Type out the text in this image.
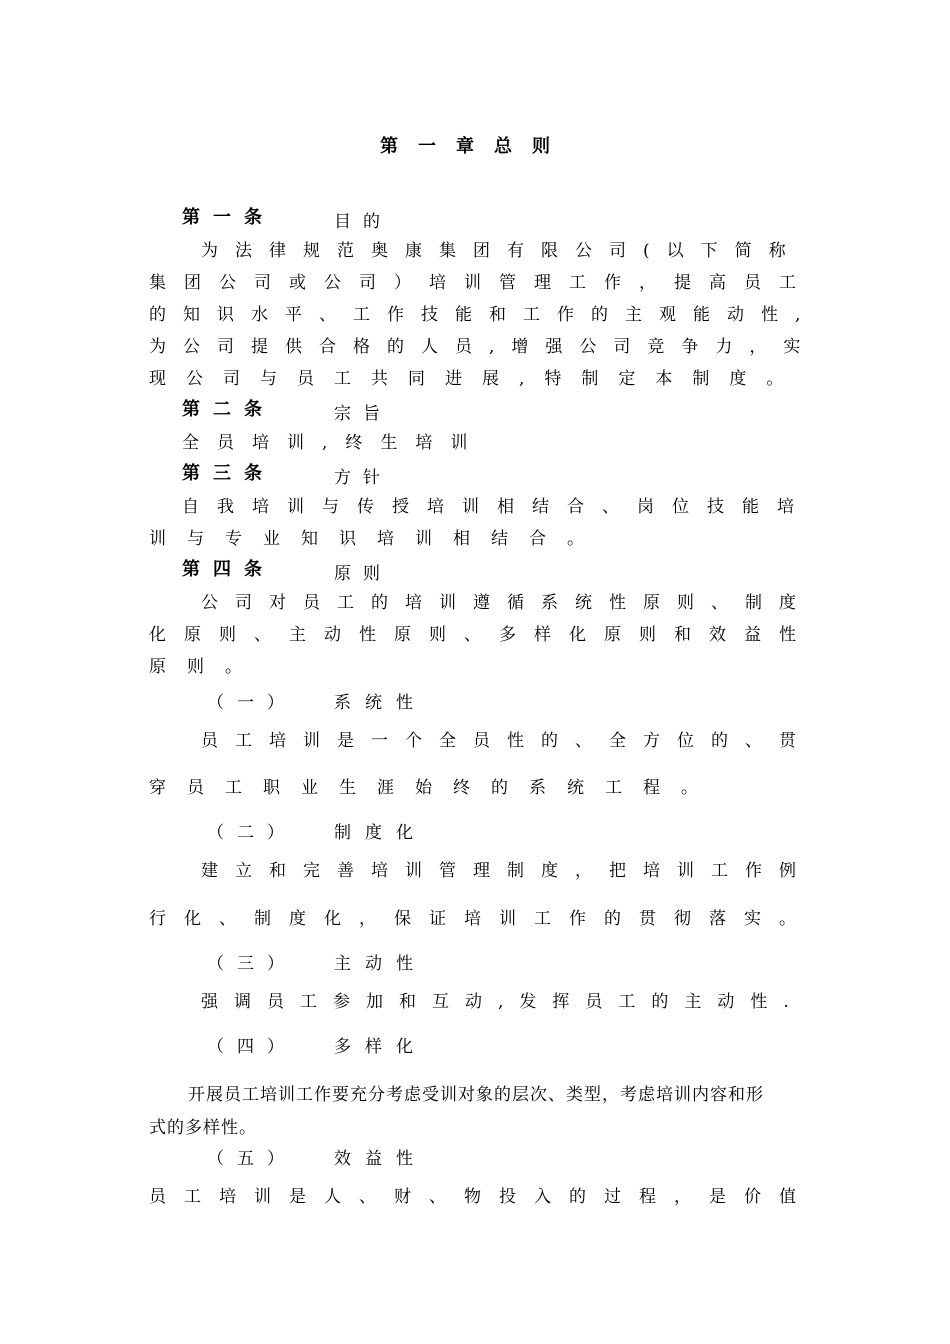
第一章总则
第一条	目的
为法律规范奥康集团有限公司(以下简称
集团公司或公司）培训管理工作，提高员工
的知识水平、工作技能和工作的主观能动性,
为公司提供合格的人员,增强公司竞争力，实
现公司与员工共同进展,特制定本制度。
第二条	宗旨
全员培训,终生培训
第三条	方针
自我培训与传授培训相结合、岗位技能培
训与专业知识培训相结合。
第四条	原则
公司对员工的培训遵循系统性原则、制度
化原则、主动性原则、多样化原则和效益性
原则。
（一） 系统性
员工培训是一个全员性的、全方位的、贯
穿员工职业生涯始终的系统工程。
（二） 制度化
建立和完善培训管理制度，把培训工作例
行化、制度化，保证培训工作的贯彻落实。
（三） 主动性
强调员工参加和互动,发挥员工的主动性.
（四） 多样化
开展员工培训工作要充分考虑受训对象的层次、类型，考虑培训内容和形
式的多样性。
（五） 效益性
员工培训是人、财、物投入的过程，是价值
